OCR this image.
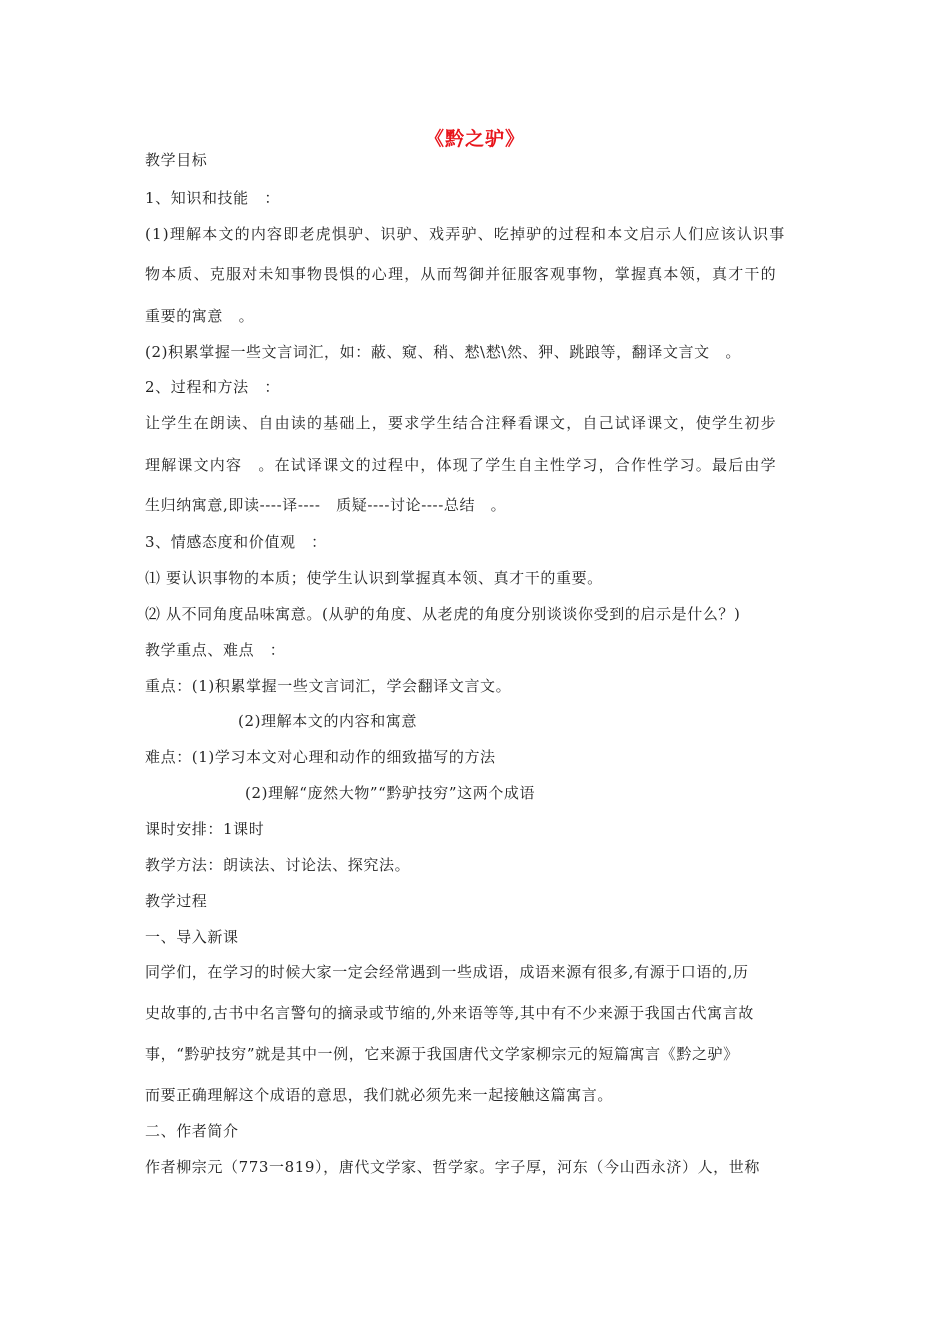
《黔之驴》
教学目标
1、知识和技能　：
(1)理解本文的内容即老虎惧驴、识驴、戏弄驴、吃掉驴的过程和本文启示人们应该认识事
物本质、克服对未知事物畏惧的心理，从而驾御并征服客观事物，掌握真本领，真才干的
重要的寓意　。
(2)积累掌握一些文言词汇，如：蔽、窥、稍、慭\慭\然、狎、跳踉等，翻译文言文　。
2、过程和方法　：
让学生在朗读、自由读的基础上，要求学生结合注释看课文，自己试译课文，使学生初步
理解课文内容　。在试译课文的过程中，体现了学生自主性学习，合作性学习。最后由学
生归纳寓意,即读----译----　质疑----讨论----总结　。
3、情感态度和价值观　：
⑴ 要认识事物的本质；使学生认识到掌握真本领、真才干的重要。
⑵ 从不同角度品味寓意。(从驴的角度、从老虎的角度分别谈谈你受到的启示是什么？)
教学重点、难点　：
重点：(1)积累掌握一些文言词汇，学会翻译文言文。
(2)理解本文的内容和寓意
难点：(1)学习本文对心理和动作的细致描写的方法
(2)理解“庞然大物”“黔驴技穷”这两个成语
课时安排：1课时
教学方法：朗读法、讨论法、探究法。
教学过程
一、导入新课
同学们，在学习的时候大家一定会经常遇到一些成语，成语来源有很多,有源于口语的,历
史故事的,古书中名言警句的摘录或节缩的,外来语等等,其中有不少来源于我国古代寓言故
事，“黔驴技穷”就是其中一例，它来源于我国唐代文学家柳宗元的短篇寓言《黔之驴》
而要正确理解这个成语的意思，我们就必须先来一起接触这篇寓言。
二、作者简介
作者柳宗元（773一819），唐代文学家、哲学家。字子厚，河东（今山西永济）人，世称
